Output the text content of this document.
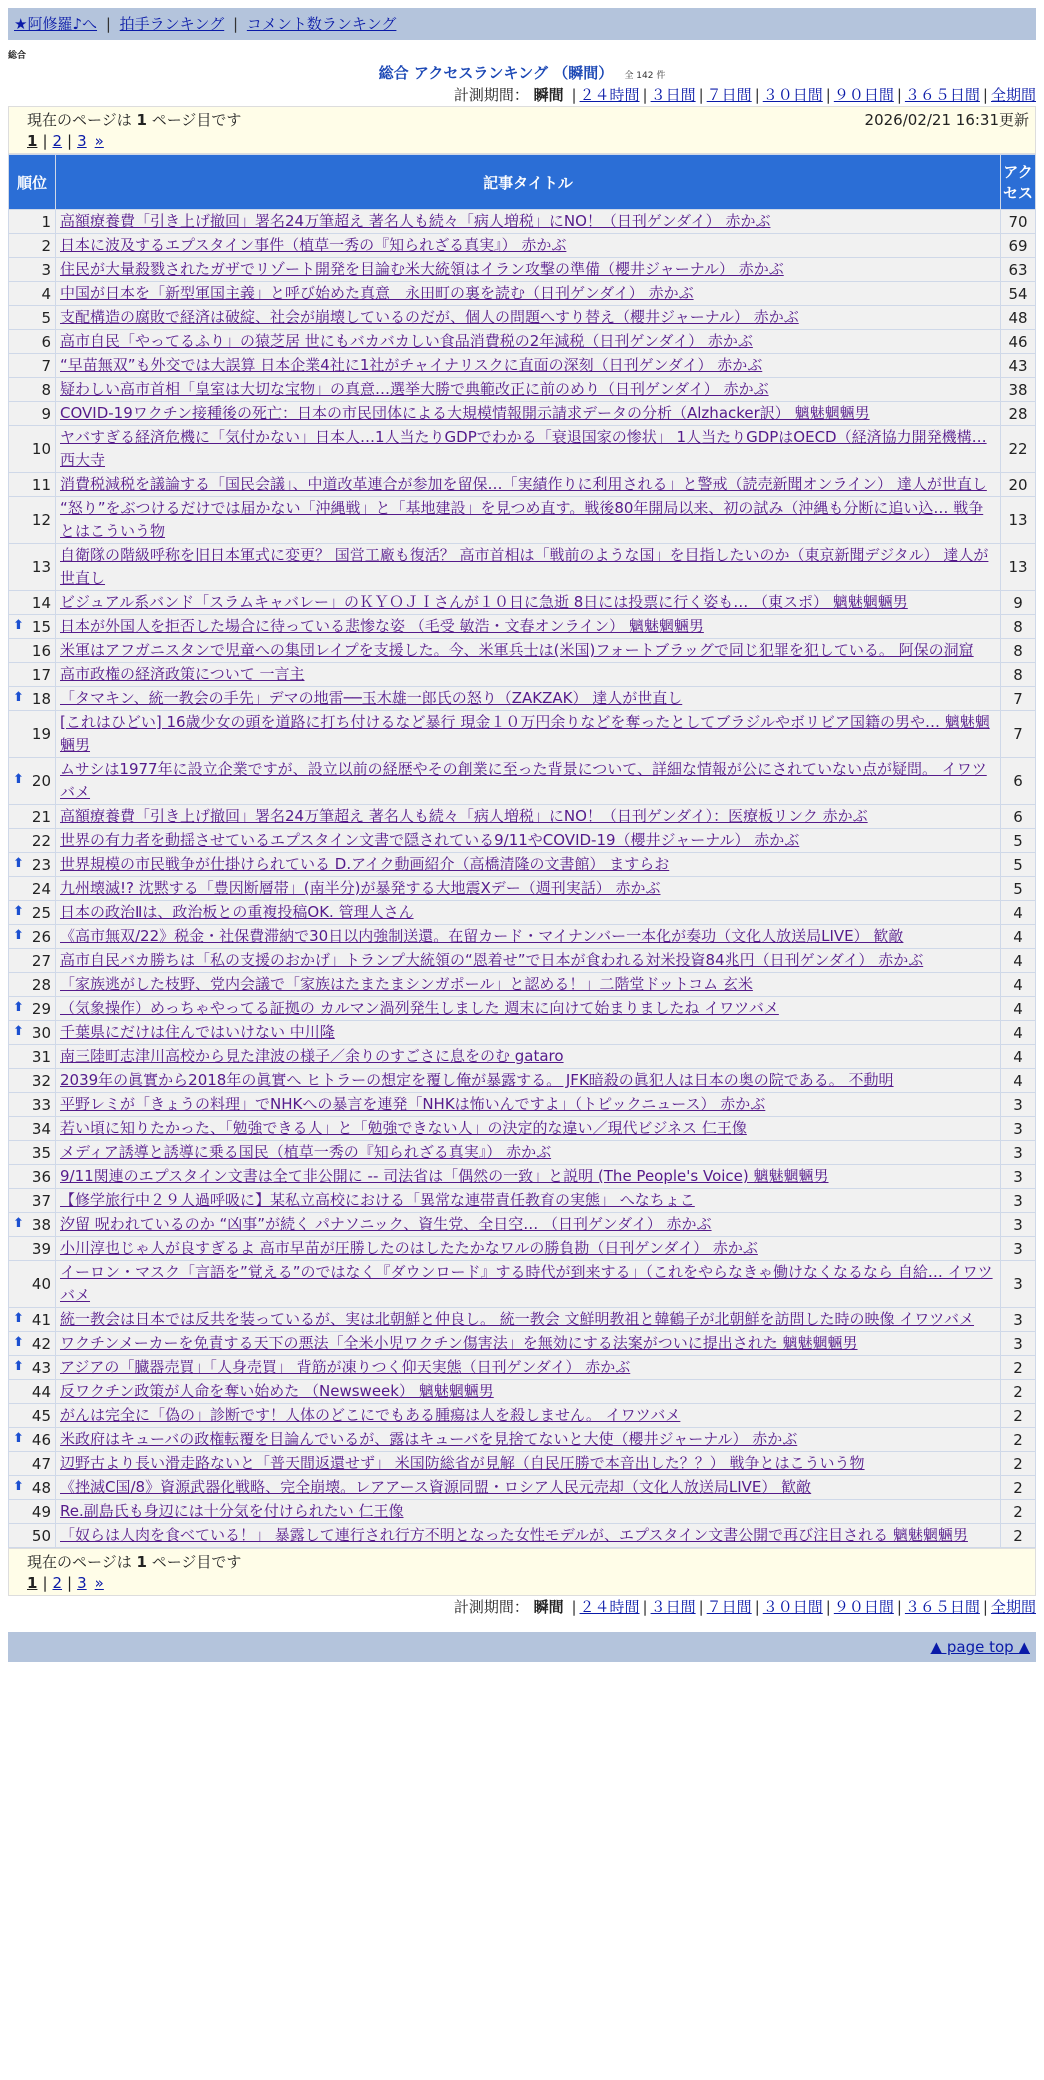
★阿修羅♪へ | 拍手ランキング | コメント数ランキング
総合
総合 アクセスランキング （瞬間） 全 142 件
計測期間： 瞬間 | ２４時間 | ３日間 | ７日間 | ３０日間 | ９０日間 | ３６５日間 | 全期間
現在のページは 1 ページ目です	2026/02/21 16:31更新
1 | 2 | 3 »
順位	記事タイトル	アクセス
1	高額療養費「引き上げ撤回」署名24万筆超え 著名人も続々「病人増税」にNO！（日刊ゲンダイ） 赤かぶ	70
2	日本に波及するエプスタイン事件（植草一秀の『知られざる真実』） 赤かぶ	69
3	住民が大量殺戮されたガザでリゾート開発を目論む米大統領はイラン攻撃の準備（櫻井ジャーナル） 赤かぶ	63
4	中国が日本を「新型軍国主義」と呼び始めた真意　永田町の裏を読む（日刊ゲンダイ） 赤かぶ	54
5	支配構造の腐敗で経済は破綻、社会が崩壊しているのだが、個人の問題へすり替え（櫻井ジャーナル） 赤かぶ	48
6	高市自民「やってるふり」の猿芝居 世にもバカバカしい食品消費税の2年減税（日刊ゲンダイ） 赤かぶ	46
7	“早苗無双”も外交では大誤算 日本企業4社に1社がチャイナリスクに直面の深刻（日刊ゲンダイ） 赤かぶ	43
8	疑わしい高市首相「皇室は大切な宝物」の真意…選挙大勝で典範改正に前のめり（日刊ゲンダイ） 赤かぶ	38
9	COVID-19ワクチン接種後の死亡：日本の市民団体による大規模情報開示請求データの分析（Alzhacker訳） 魑魅魍魎男	28
10	ヤバすぎる経済危機に「気付かない」日本人…1人当たりGDPでわかる「衰退国家の惨状」 1人当たりGDPはOECD（経済協力開発機構… 西大寺	22
11	消費税減税を議論する「国民会議」、中道改革連合が参加を留保…「実績作りに利用される」と警戒（読売新聞オンライン） 達人が世直し	20
12	“怒り”をぶつけるだけでは届かない「沖縄戦」と「基地建設」を見つめ直す。戦後80年開局以来、初の試み（沖縄も分断に追い込… 戦争とはこういう物	13
13	自衛隊の階級呼称を旧日本軍式に変更？ 国営工廠も復活？ 高市首相は「戦前のような国」を目指したいのか（東京新聞デジタル） 達人が世直し	13
14	ビジュアル系バンド「スラムキャバレー」のＫＹＯＪＩさんが１０日に急逝 8日には投票に行く姿も… （東スポ） 魑魅魍魎男	9

⬆ 15	日本が外国人を拒否した場合に待っている悲惨な姿 （毛受 敏浩・文春オンライン） 魑魅魍魎男	8
16	米軍はアフガニスタンで児童への集団レイプを支援した。今、米軍兵士は(米国)フォートブラッグで同じ犯罪を犯している。 阿保の洞窟	8
17	高市政権の経済政策について 一言主	8

⬆ 18	「タマキン、統一教会の手先」デマの地雷──玉木雄一郎氏の怒り（ZAKZAK） 達人が世直し	7
19	[これはひどい] 16歳少女の頭を道路に打ち付けるなど暴行 現金１０万円余りなどを奪ったとしてブラジルやボリビア国籍の男や… 魑魅魍魎男	7

⬆ 20	ムサシは1977年に設立企業ですが、設立以前の経歴やその創業に至った背景について、詳細な情報が公にされていない点が疑問。 イワツバメ	6
21	高額療養費「引き上げ撤回」署名24万筆超え 著名人も続々「病人増税」にNO！（日刊ゲンダイ）：医療板リンク 赤かぶ	6
22	世界の有力者を動揺させているエプスタイン文書で隠されている9/11やCOVID-19（櫻井ジャーナル） 赤かぶ	5

⬆ 23	世界規模の市民戦争が仕掛けられている D.アイク動画紹介（高橋清隆の文書館） ますらお	5
24	九州壊滅!? 沈黙する「豊因断層帯」(南半分)が暴発する大地震Xデー（週刊実話） 赤かぶ	5

⬆ 25	日本の政治Ⅱは、政治板との重複投稿OK. 管理人さん	4

⬆ 26	《高市無双/22》税金・社保費滞納で30日以内強制送還。在留カード・マイナンバー一本化が奏功（文化人放送局LIVE） 歓敵	4
27	高市自民バカ勝ちは「私の支援のおかげ」トランプ大統領の“恩着せ”で日本が食われる対米投資84兆円（日刊ゲンダイ） 赤かぶ	4
28	「家族逃がした枝野、党内会議で「家族はたまたまシンガポール」と認める！」二階堂ドットコム 玄米	4

⬆ 29	（気象操作）めっちゃやってる証拠の カルマン渦列発生しました 週末に向けて始まりましたね イワツバメ	4

⬆ 30	千葉県にだけは住んではいけない 中川隆	4
31	南三陸町志津川高校から見た津波の様子／余りのすごさに息をのむ gataro	4
32	2039年の眞實から2018年の眞實へ ヒトラーの想定を覆し俺が暴露する。 JFK暗殺の眞犯人は日本の奥の院である。 不動明	4
33	平野レミが「きょうの料理」でNHKへの暴言を連発「NHKは怖いんですよ」（トピックニュース） 赤かぶ	3
34	若い頃に知りたかった、「勉強できる人」と「勉強できない人」の決定的な違い／現代ビジネス 仁王像	3
35	メディア誘導と誘導に乗る国民（植草一秀の『知られざる真実』） 赤かぶ	3
36	9/11関連のエプスタイン文書は全て非公開に -- 司法省は「偶然の一致」と説明 (The People's Voice) 魑魅魍魎男	3
37	【修学旅行中２９人過呼吸に】某私立高校における「異常な連帯責任教育の実態」 へなちょこ	3

⬆ 38	汐留 呪われているのか “凶事”が続く パナソニック、資生党、全日空… （日刊ゲンダイ） 赤かぶ	3
39	小川淳也じゃ人が良すぎるよ 高市早苗が圧勝したのはしたたかなワルの勝負勘（日刊ゲンダイ） 赤かぶ	3
40	イーロン・マスク「言語を”覚える”のではなく『ダウンロード』する時代が到来する」（これをやらなきゃ働けなくなるなら 自給… イワツバメ	3

⬆ 41	統一教会は日本では反共を装っているが、実は北朝鮮と仲良し。 統一教会 文鮮明教祖と韓鶴子が北朝鮮を訪問した時の映像 イワツバメ	3

⬆ 42	ワクチンメーカーを免責する天下の悪法「全米小児ワクチン傷害法」を無効にする法案がついに提出された 魑魅魍魎男	3

⬆ 43	アジアの「臓器売買」「人身売買」 背筋が凍りつく仰天実態（日刊ゲンダイ） 赤かぶ	2
44	反ワクチン政策が人命を奪い始めた （Newsweek） 魑魅魍魎男	2
45	がんは完全に「偽の」診断です！人体のどこにでもある腫瘍は人を殺しません。 イワツバメ	2

⬆ 46	米政府はキューバの政権転覆を目論んでいるが、露はキューバを見捨てないと大使（櫻井ジャーナル） 赤かぶ	2
47	辺野古より長い滑走路ないと「普天間返還せず」 米国防総省が見解（自民圧勝で本音出した？？） 戦争とはこういう物	2

⬆ 48	《挫滅C国/8》資源武器化戦略、完全崩壊。レアアース資源同盟・ロシア人民元売却（文化人放送局LIVE） 歓敵	2
49	Re.副島氏も身辺には十分気を付けられたい 仁王像	2
50	「奴らは人肉を食べている！」 暴露して連行され行方不明となった女性モデルが、エプスタイン文書公開で再び注目される 魑魅魍魎男	2
現在のページは 1 ページ目です
1 | 2 | 3 »
計測期間： 瞬間 | ２４時間 | ３日間 | ７日間 | ３０日間 | ９０日間 | ３６５日間 | 全期間
▲ page top ▲
